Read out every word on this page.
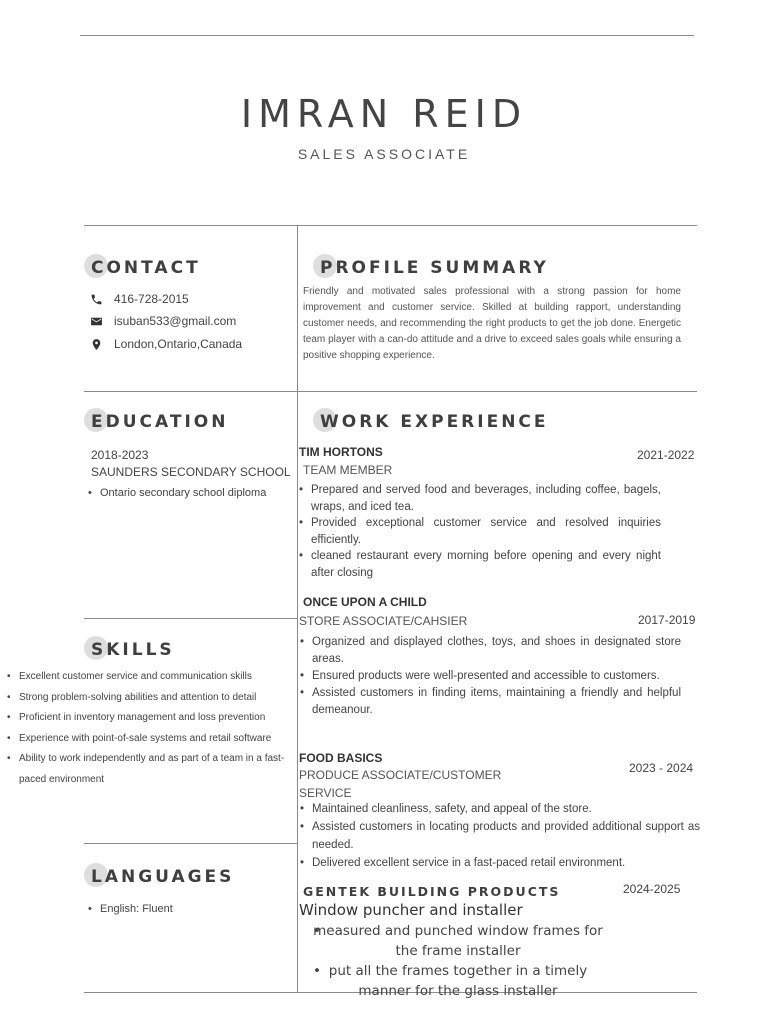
IMRAN REID
SALES ASSOCIATE
CONTACT
416-728-2015
isuban533@gmail.com
London,Ontario,Canada
PROFILE SUMMARY

Friendly and motivated sales professional with a strong passion for home improvement and customer service. Skilled at building rapport, understanding customer needs, and recommending the right products to get the job done. Energetic team player with a can-do attitude and a drive to exceed sales goals while ensuring a positive shopping experience.

EDUCATION
2018-2023
SAUNDERS SECONDARY SCHOOL
• Ontario secondary school diploma
WORK EXPERIENCE
TIM HORTONS	2021-2022
TEAM MEMBER
• Prepared and served food and beverages, including coffee, bagels, wraps, and iced tea.
• Provided exceptional customer service and resolved inquiries efficiently.
• cleaned restaurant every morning before opening and every night after closing
ONCE UPON A CHILD
2017-2019
STORE ASSOCIATE/CAHSIER
• Organized and displayed clothes, toys, and shoes in designated store areas.
• Ensured products were well-presented and accessible to customers.
• Assisted customers in finding items, maintaining a friendly and helpful demeanour.
FOOD BASICS
2023 - 2024
PRODUCE ASSOCIATE/CUSTOMER SERVICE
• Maintained cleanliness, safety, and appeal of the store.
• Assisted customers in locating products and provided additional support as needed.
• Delivered excellent service in a fast-paced retail environment.
GENTEK BUILDING PRODUCTS	2024-2025
Window puncher and installer
• measured and punched window frames for the frame installer
• put all the frames together in a timely manner for the glass installer
SKILLS
• Excellent customer service and communication skills
• Strong problem-solving abilities and attention to detail
• Proficient in inventory management and loss prevention
• Experience with point-of-sale systems and retail software
• Ability to work independently and as part of a team in a fast-paced environment
LANGUAGES
• English: Fluent
